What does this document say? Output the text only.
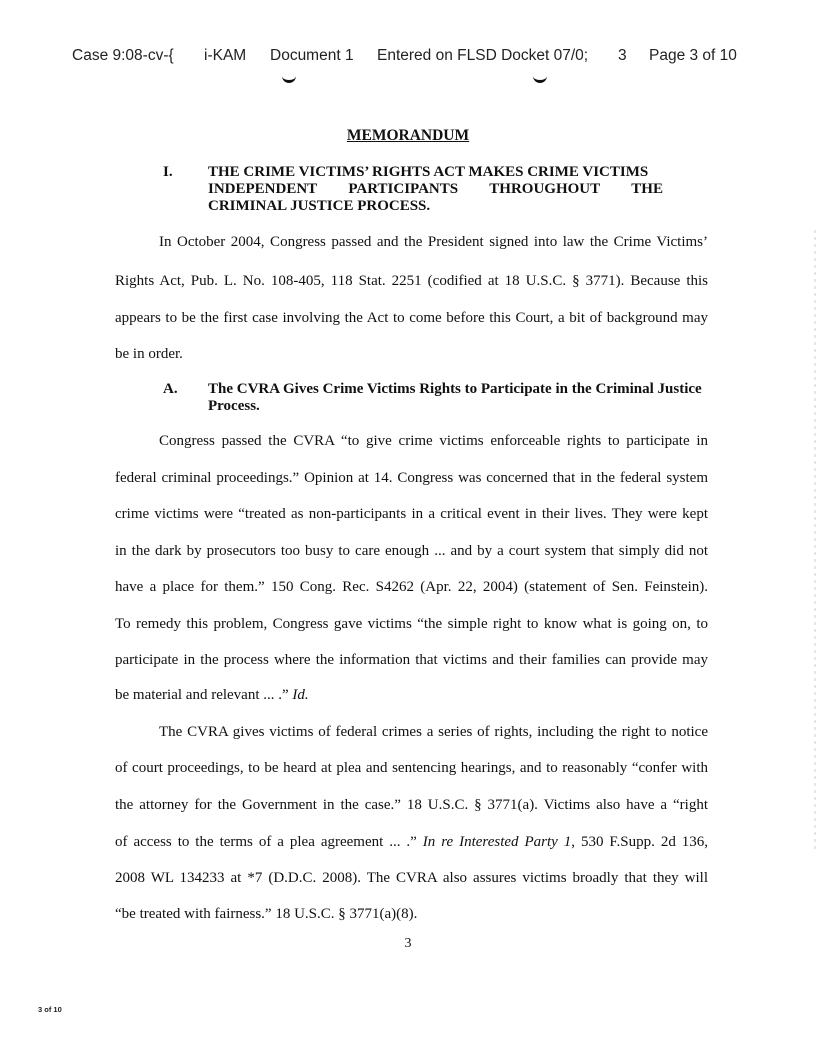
Case 9:08-cv-{ i-KAM Document 1 Entered on FLSD Docket 07/0; 3 Page 3 of 10
MEMORANDUM
I. THE CRIME VICTIMS’ RIGHTS ACT MAKES CRIME VICTIMS
INDEPENDENT PARTICIPANTS THROUGHOUT THE
CRIMINAL JUSTICE PROCESS.
In October 2004, Congress passed and the President signed into law the Crime Victims’
Rights Act, Pub. L. No. 108-405, 118 Stat. 2251 (codified at 18 U.S.C. § 3771). Because this
appears to be the first case involving the Act to come before this Court, a bit of background may
be in order.
A. The CVRA Gives Crime Victims Rights to Participate in the Criminal Justice
Process.
Congress passed the CVRA “to give crime victims enforceable rights to participate in
federal criminal proceedings.” Opinion at 14. Congress was concerned that in the federal system
crime victims were “treated as non-participants in a critical event in their lives. They were kept
in the dark by prosecutors too busy to care enough ... and by a court system that simply did not
have a place for them.” 150 Cong. Rec. S4262 (Apr. 22, 2004) (statement of Sen. Feinstein).
To remedy this problem, Congress gave victims “the simple right to know what is going on, to
participate in the process where the information that victims and their families can provide may
be material and relevant ... .” Id.
The CVRA gives victims of federal crimes a series of rights, including the right to notice
of court proceedings, to be heard at plea and sentencing hearings, and to reasonably “confer with
the attorney for the Government in the case.” 18 U.S.C. § 3771(a). Victims also have a “right
of access to the terms of a plea agreement ... .” In re Interested Party 1, 530 F.Supp. 2d 136,
2008 WL 134233 at *7 (D.D.C. 2008). The CVRA also assures victims broadly that they will
“be treated with fairness.” 18 U.S.C. § 3771(a)(8).
3
3 of 10
